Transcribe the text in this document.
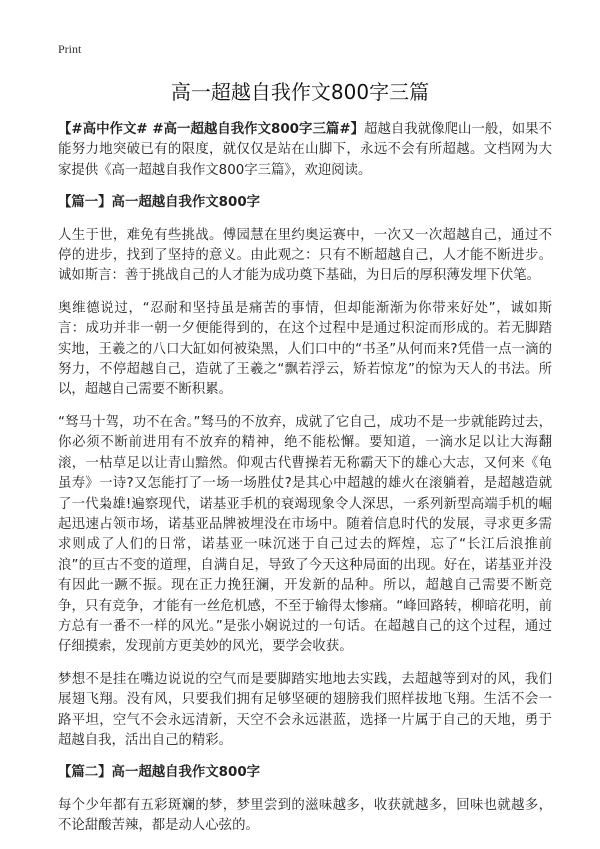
Print
高一超越自我作文800字三篇

【#高中作文# #高一超越自我作文800字三篇#】超越自我就像爬山一般，如果不能努力地突破已有的限度，就仅仅是站在山脚下，永远不会有所超越。文档网为大家提供《高一超越自我作文800字三篇》，欢迎阅读。

【篇一】高一超越自我作文800字

人生于世，难免有些挑战。傅园慧在里约奥运赛中，一次又一次超越自己，通过不停的进步，找到了坚持的意义。由此观之：只有不断超越自己，人才能不断进步。诚如斯言：善于挑战自己的人才能为成功奠下基础，为日后的厚积薄发埋下伏笔。

奥维德说过，“忍耐和坚持虽是痛苦的事情，但却能渐渐为你带来好处”，诚如斯言：成功并非一朝一夕便能得到的，在这个过程中是通过积淀而形成的。若无脚踏实地，王羲之的八口大缸如何被染黑，人们口中的“书圣”从何而来?凭借一点一滴的努力，不停超越自己，造就了王羲之“飘若浮云，矫若惊龙”的惊为天人的书法。所以，超越自己需要不断积累。

“驽马十驾，功不在舍。”驽马的不放弃，成就了它自己，成功不是一步就能跨过去，你必须不断前进用有不放弃的精神，绝不能松懈。要知道，一滴水足以让大海翻滚，一枯草足以让青山黯然。仰观古代曹操若无称霸天下的雄心大志，又何来《龟虽寿》一诗?又怎能打了一场一场胜仗?是其心中超越的雄火在滚躺着，是超越造就了一代枭雄!遍察现代，诺基亚手机的衰竭现象令人深思，一系列新型高端手机的崛起迅速占领市场，诺基亚品牌被埋没在市场中。随着信息时代的发展，寻求更多需求则成了人们的日常，诺基亚一味沉迷于自己过去的辉煌，忘了“长江后浪推前浪”的亘古不变的道理，自满自足，导致了今天这种局面的出现。好在，诺基亚并没有因此一蹶不振。现在正力挽狂澜，开发新的品种。所以，超越自己需要不断竞争，只有竞争，才能有一丝危机感，不至于输得太惨痛。“峰回路转，柳暗花明，前方总有一番不一样的风光。”是张小娴说过的一句话。在超越自己的这个过程，通过仔细摸索，发现前方更美妙的风光，要学会收获。

梦想不是挂在嘴边说说的空气而是要脚踏实地地去实践，去超越等到对的风，我们展翅飞翔。没有风，只要我们拥有足够坚硬的翅膀我们照样拔地飞翔。生活不会一路平坦，空气不会永远清新，天空不会永远湛蓝，选择一片属于自己的天地，勇于超越自我，活出自己的精彩。

【篇二】高一超越自我作文800字

每个少年都有五彩斑斓的梦，梦里尝到的滋味越多，收获就越多，回味也就越多，不论甜酸苦辣，都是动人心弦的。
